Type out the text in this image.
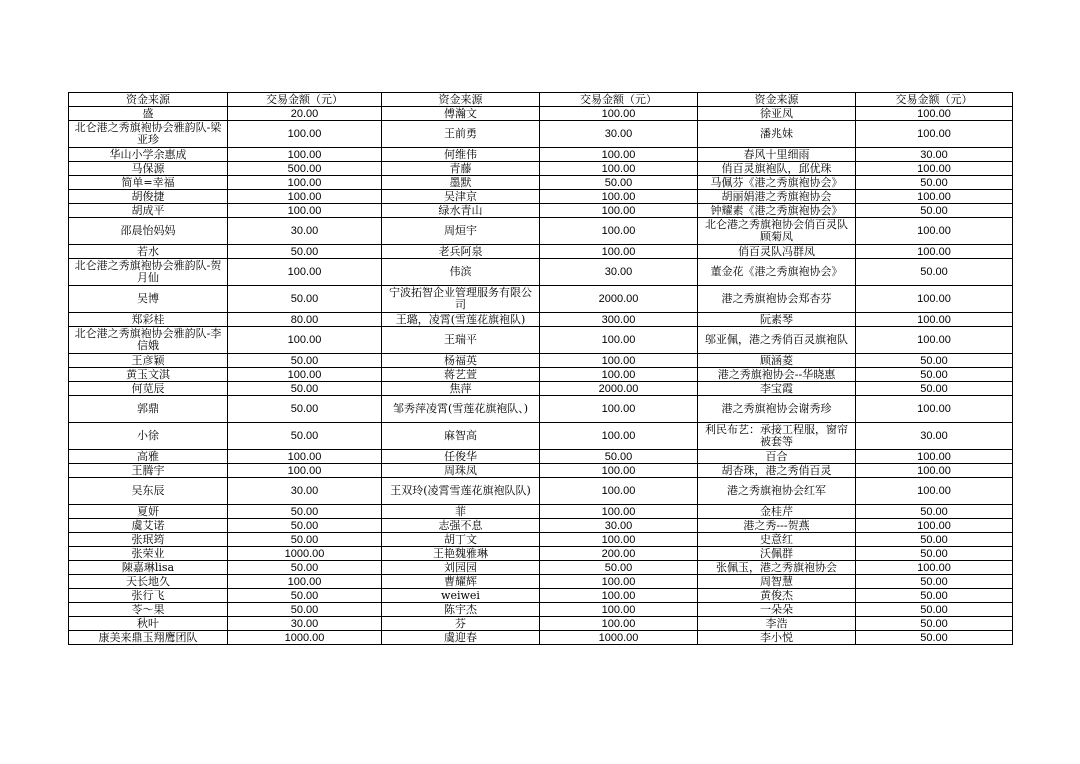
资金来源	交易金额（元）	资金来源	交易金额（元）	资金来源	交易金额（元）
盛	20.00	傅瀚文	100.00	徐亚凤	100.00
北仑港之秀旗袍协会雅韵队-梁亚珍	100.00	王前勇	30.00	潘兆妹	100.00
华山小学余惠成	100.00	何维伟	100.00	春风十里细雨	30.00
马保源	500.00	青藤	100.00	俏百灵旗袍队，邱优珠	100.00
简单=幸福	100.00	墨默	50.00	马佩芬《港之秀旗袍协会》	50.00
胡俊捷	100.00	吴津京	100.00	胡丽娟港之秀旗袍协会	100.00
胡成平	100.00	绿水青山	100.00	钟耀素《港之秀旗袍协会》	50.00
邵晨怡妈妈	30.00	周烜宇	100.00	北仑港之秀旗袍协会俏百灵队顾菊凤	100.00
若水	50.00	老兵阿泉	100.00	俏百灵队冯群凤	100.00
北仑港之秀旗袍协会雅韵队-贺月仙	100.00	伟滨	30.00	董金花《港之秀旗袍协会》	50.00
吴博	50.00	宁波拓智企业管理服务有限公司	2000.00	港之秀旗袍协会郑杏芬	100.00
郑彩桂	80.00	王璐，凌霄(雪莲花旗袍队)	300.00	阮素琴	100.00
北仑港之秀旗袍协会雅韵队-李信娥	100.00	王瑞平	100.00	邬亚佩，港之秀俏百灵旗袍队	100.00
王彦颖	50.00	杨福英	100.00	顾涵菱	50.00
黄玉文淇	100.00	蒋艺萱	100.00	港之秀旗袍协会--华晓惠	50.00
何苋辰	50.00	焦萍	2000.00	李宝霞	50.00
郭鼎	50.00	邹秀萍凌霄(雪莲花旗袍队、)	100.00	港之秀旗袍协会谢秀珍	100.00
小徐	50.00	麻智高	100.00	利民布艺：承接工程服，窗帘被套等	30.00
高雅	100.00	任俊华	50.00	百合	100.00
王腾宇	100.00	周珠凤	100.00	胡杏珠，港之秀俏百灵	100.00
吴东辰	30.00	王双玲(凌霄雪莲花旗袍队队)	100.00	港之秀旗袍协会红军	100.00
夏妍	50.00	菲	100.00	金桂芹	50.00
虞艾诺	50.00	志强不息	30.00	港之秀---贺燕	100.00
张珉筠	50.00	胡丁文	100.00	史意红	50.00
张荣业	1000.00	王艳魏雅琳	200.00	沃佩群	50.00
陳嘉琳lisa	50.00	刘园园	50.00	张佩玉，港之秀旗袍协会	100.00
天长地久	100.00	曹耀辉	100.00	周智慧	50.00
张行飞	50.00	weiwei	100.00	黄俊杰	50.00
苓～果	50.00	陈宇杰	100.00	一朵朵	50.00
秋叶	30.00	芬	100.00	李浩	50.00
康美来鼎玉翔鹰团队	1000.00	虞迎春	1000.00	李小悦	50.00
